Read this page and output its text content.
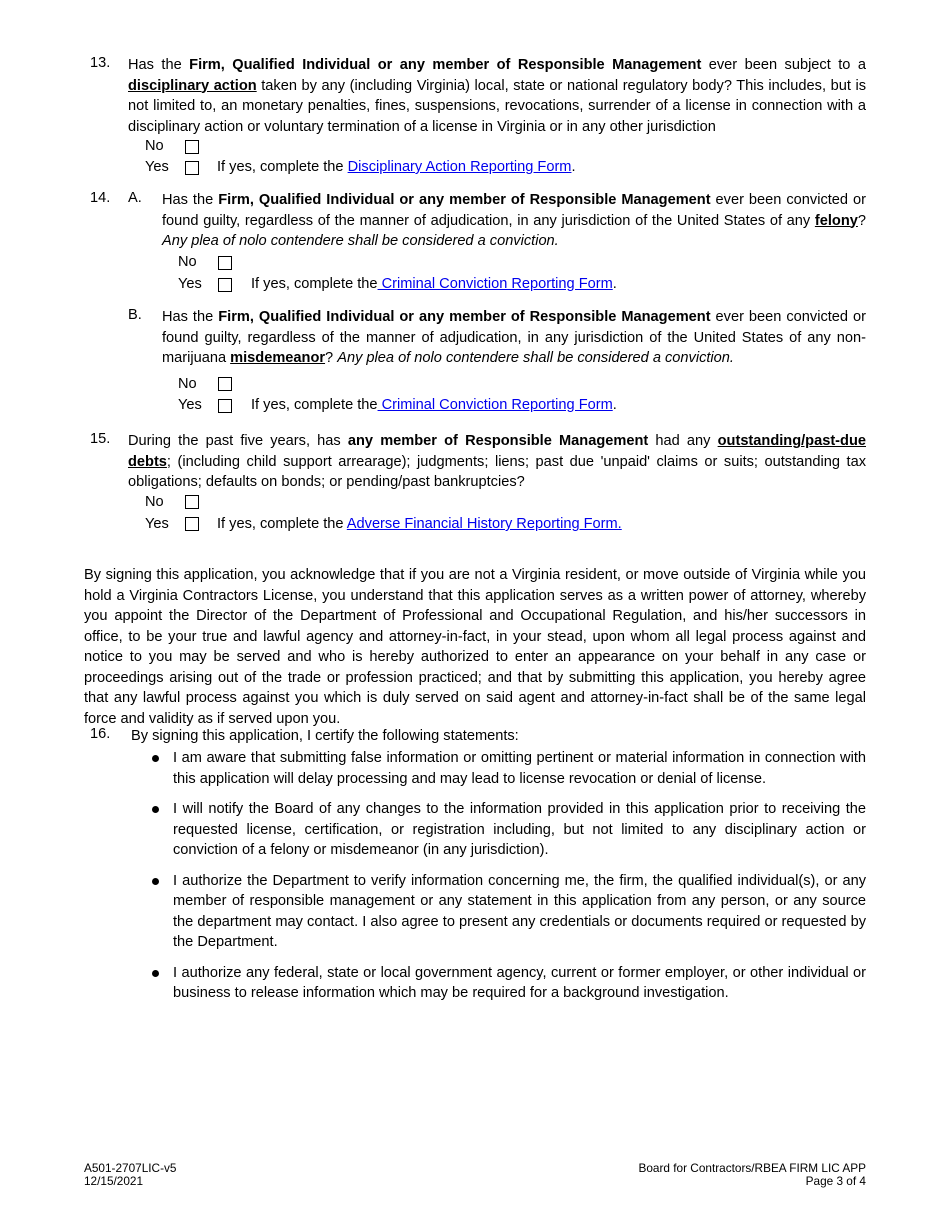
13. Has the Firm, Qualified Individual or any member of Responsible Management ever been subject to a disciplinary action taken by any (including Virginia) local, state or national regulatory body? This includes, but is not limited to, an monetary penalties, fines, suspensions, revocations, surrender of a license in connection with a disciplinary action or voluntary termination of a license in Virginia or in any other jurisdiction

No
Yes	If yes, complete the Disciplinary Action Reporting Form.
14. A. Has the Firm, Qualified Individual or any member of Responsible Management ever been convicted or found guilty, regardless of the manner of adjudication, in any jurisdiction of the United States of any felony? Any plea of nolo contendere shall be considered a conviction.

No
Yes	If yes, complete the Criminal Conviction Reporting Form.
B. Has the Firm, Qualified Individual or any member of Responsible Management ever been convicted or found guilty, regardless of the manner of adjudication, in any jurisdiction of the United States of any non-marijuana misdemeanor? Any plea of nolo contendere shall be considered a conviction.

No
Yes	If yes, complete the Criminal Conviction Reporting Form.
15. During the past five years, has any member of Responsible Management had any outstanding/past-due debts; (including child support arrearage); judgments; liens; past due 'unpaid' claims or suits; outstanding tax obligations; defaults on bonds; or pending/past bankruptcies?

No
Yes	If yes, complete the Adverse Financial History Reporting Form.

By signing this application, you acknowledge that if you are not a Virginia resident, or move outside of Virginia while you hold a Virginia Contractors License, you understand that this application serves as a written power of attorney, whereby you appoint the Director of the Department of Professional and Occupational Regulation, and his/her successors in office, to be your true and lawful agency and attorney-in-fact, in your stead, upon whom all legal process against and notice to you may be served and who is hereby authorized to enter an appearance on your behalf in any case or proceedings arising out of the trade or profession practiced; and that by submitting this application, you hereby agree that any lawful process against you which is duly served on said agent and attorney-in-fact shall be of the same legal force and validity as if served upon you.

16. By signing this application, I certify the following statements:
I am aware that submitting false information or omitting pertinent or material information in connection with this application will delay processing and may lead to license revocation or denial of license.
I will notify the Board of any changes to the information provided in this application prior to receiving the requested license, certification, or registration including, but not limited to any disciplinary action or conviction of a felony or misdemeanor (in any jurisdiction).
I authorize the Department to verify information concerning me, the firm, the qualified individual(s), or any member of responsible management or any statement in this application from any person, or any source the department may contact. I also agree to present any credentials or documents required or requested by the Department.
I authorize any federal, state or local government agency, current or former employer, or other individual or business to release information which may be required for a background investigation.
A501-2707LIC-v5
12/15/2021
Board for Contractors/RBEA FIRM LIC APP
Page 3 of 4
